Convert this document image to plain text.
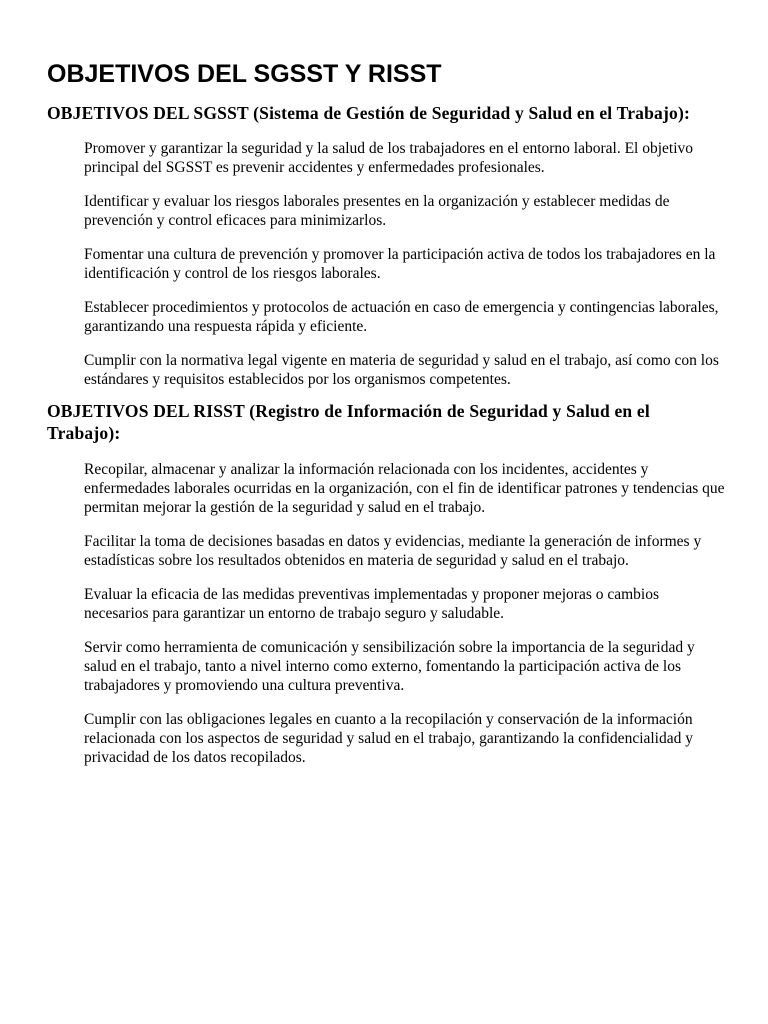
OBJETIVOS DEL SGSST Y RISST
OBJETIVOS DEL SGSST (Sistema de Gestión de Seguridad y Salud en el Trabajo):
Promover y garantizar la seguridad y la salud de los trabajadores en el entorno laboral. El objetivo principal del SGSST es prevenir accidentes y enfermedades profesionales.
Identificar y evaluar los riesgos laborales presentes en la organización y establecer medidas de prevención y control eficaces para minimizarlos.
Fomentar una cultura de prevención y promover la participación activa de todos los trabajadores en la identificación y control de los riesgos laborales.
Establecer procedimientos y protocolos de actuación en caso de emergencia y contingencias laborales, garantizando una respuesta rápida y eficiente.
Cumplir con la normativa legal vigente en materia de seguridad y salud en el trabajo, así como con los estándares y requisitos establecidos por los organismos competentes.
OBJETIVOS DEL RISST (Registro de Información de Seguridad y Salud en el Trabajo):
Recopilar, almacenar y analizar la información relacionada con los incidentes, accidentes y enfermedades laborales ocurridas en la organización, con el fin de identificar patrones y tendencias que permitan mejorar la gestión de la seguridad y salud en el trabajo.
Facilitar la toma de decisiones basadas en datos y evidencias, mediante la generación de informes y estadísticas sobre los resultados obtenidos en materia de seguridad y salud en el trabajo.
Evaluar la eficacia de las medidas preventivas implementadas y proponer mejoras o cambios necesarios para garantizar un entorno de trabajo seguro y saludable.
Servir como herramienta de comunicación y sensibilización sobre la importancia de la seguridad y salud en el trabajo, tanto a nivel interno como externo, fomentando la participación activa de los trabajadores y promoviendo una cultura preventiva.
Cumplir con las obligaciones legales en cuanto a la recopilación y conservación de la información relacionada con los aspectos de seguridad y salud en el trabajo, garantizando la confidencialidad y privacidad de los datos recopilados.
